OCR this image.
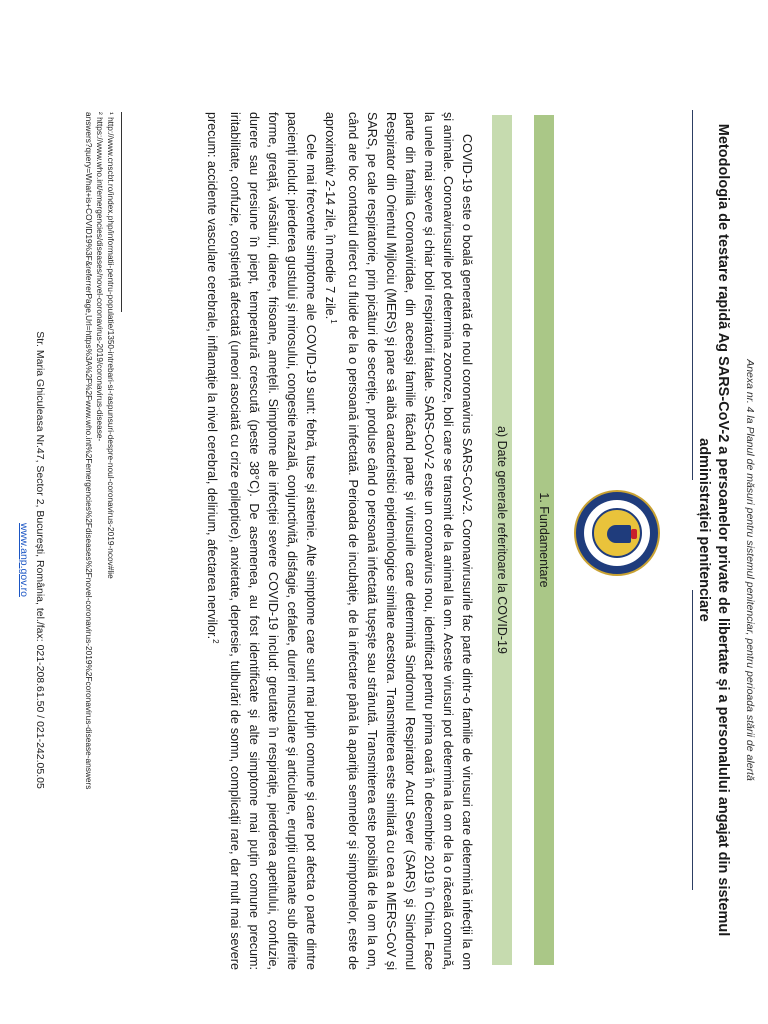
Anexa nr. 4 la Planul de măsuri pentru sistemul penitenciar, pentru perioada stării de alertă
Metodologia de testare rapidă Ag SARS-CoV-2 a persoanelor private de libertate și a personalului angajat din sistemul
administrației penitenciare
1. Fundamentare
a) Date generale referitoare la COVID-19

COVID-19 este o boală generată de noul coronavirus SARS-CoV-2. Coronavirusurile fac parte dintr-o familie de virusuri care determină infecții la om și animale. Coronavirusurile pot determina zoonoze, boli care se transmit de la animal la om. Aceste virusuri pot determina la om de la o răceală comună, la unele mai severe și chiar boli respiratorii fatale. SARS-CoV-2 este un coronavirus nou, identificat pentru prima oară în decembrie 2019 în China. Face parte din familia Coronaviridae, din aceeași familie făcând parte și virusurile care determină Sindromul Respirator Acut Sever (SARS) și Sindromul Respirator din Orientul Mijlociu (MERS) și pare să aibă caracteristici epidemiologice similare acestora. Transmiterea este similară cu cea a MERS-CoV și SARS, pe cale respiratorie, prin picături de secreție, produse când o persoană infectată tușește sau strănută. Transmiterea este posibilă de la om la om, când are loc contactul direct cu fluide de la o persoană infectată. Perioada de incubație, de la infectare până la apariția semnelor și simptomelor, este de aproximativ 2-14 zile, în medie 7 zile.$^1$

Cele mai frecvente simptome ale COVID-19 sunt: febră, tuse și astenie. Alte simptome care sunt mai puțin comune și care pot afecta o parte dintre pacienți includ: pierderea gustului și mirosului, congestie nazală, conjunctivită, disfagie, cefalee, dureri musculare și articulare, erupții cutanate sub diferite forme, greață, vărsături, diaree, frisoane, amețeli. Simptome ale infecției severe COVID-19 includ: greutate în respirație, pierderea apetitului, confuzie, durere sau presiune în piept, temperatură crescută (peste 38°C). De asemenea, au fost identificate și alte simptome mai puțin comune precum: iritabilitate, confuzie, conștiență afectată (uneori asociată cu crize epileptice), anxietate, depresie, tulburări de somn, complicații rare, dar mult mai severe precum: accidente vasculare cerebrale, inflamație la nivel cerebral, delirium, afectarea nervilor.$^2$

¹ http://www.cnscbt.ro/index.php/informatii-pentru-populatie/1350-intrebari-si-raspunsuri-despre-noul-coronavirus-2019-ncov#lie
² https://www.who.int/emergencies/diseases/novel-coronavirus-2019/coronavirus-disease-
answers?query=What+is+COVID19%3F&referrerPage,Url=https%3A%2F%2Fwww.who.int%2Femergencies%2Fdiseases%2Fnovel-coronavirus-2019%2Fcoronavirus-disease-answers
Str. Maria Ghiculeasa Nr.47, Sector 2, București, România, tel./fax: 021-208.61.50 / 021-242.05.05
www.anp.gov.ro
